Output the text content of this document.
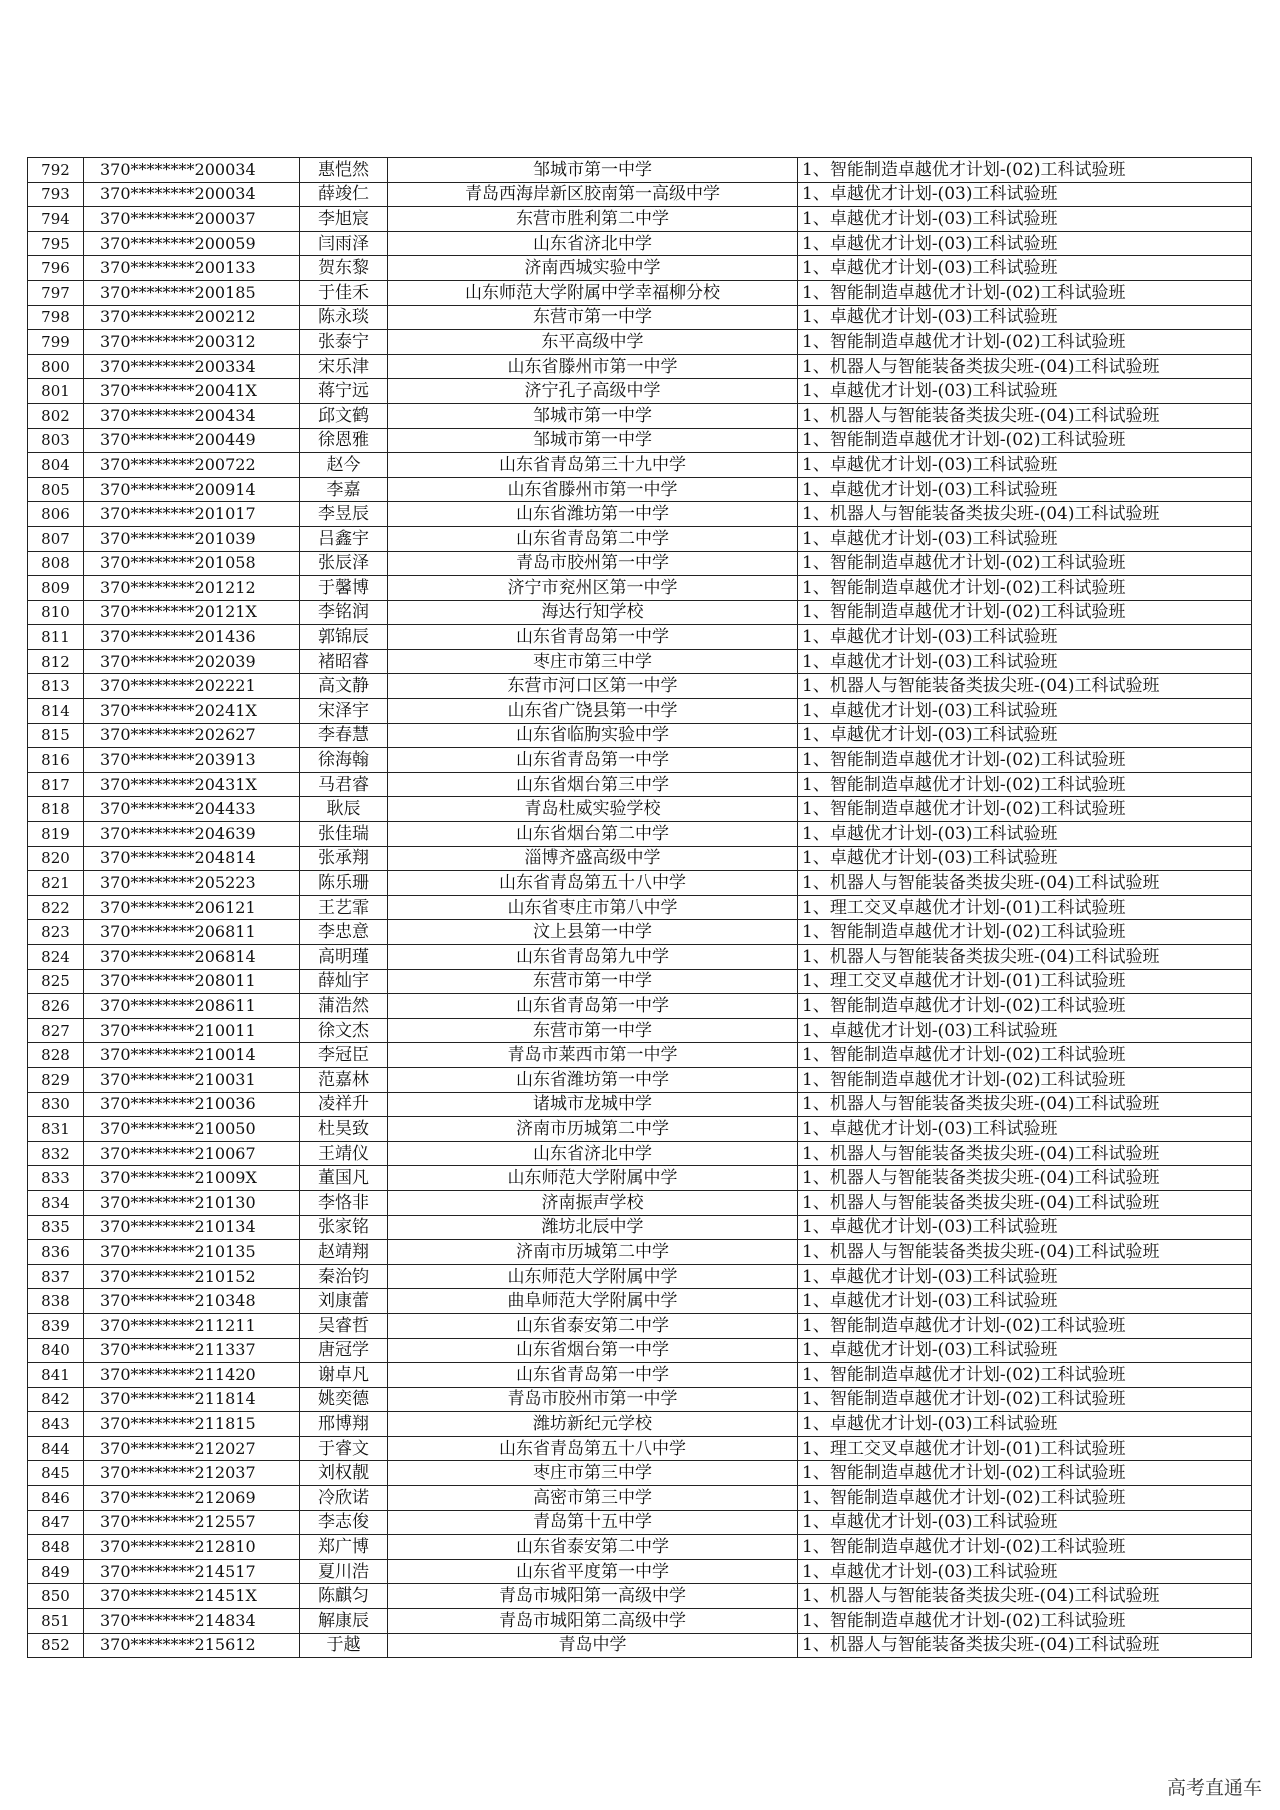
792	370********200034	惠恺然	邹城市第一中学	1、智能制造卓越优才计划-(02)工科试验班
793	370********200034	薛竣仁	青岛西海岸新区胶南第一高级中学	1、卓越优才计划-(03)工科试验班
794	370********200037	李旭宸	东营市胜利第二中学	1、卓越优才计划-(03)工科试验班
795	370********200059	闫雨泽	山东省济北中学	1、卓越优才计划-(03)工科试验班
796	370********200133	贺东黎	济南西城实验中学	1、卓越优才计划-(03)工科试验班
797	370********200185	于佳禾	山东师范大学附属中学幸福柳分校	1、智能制造卓越优才计划-(02)工科试验班
798	370********200212	陈永琰	东营市第一中学	1、卓越优才计划-(03)工科试验班
799	370********200312	张泰宁	东平高级中学	1、智能制造卓越优才计划-(02)工科试验班
800	370********200334	宋乐津	山东省滕州市第一中学	1、机器人与智能装备类拔尖班-(04)工科试验班
801	370********20041X	蒋宁远	济宁孔子高级中学	1、卓越优才计划-(03)工科试验班
802	370********200434	邱文鹤	邹城市第一中学	1、机器人与智能装备类拔尖班-(04)工科试验班
803	370********200449	徐恩雅	邹城市第一中学	1、智能制造卓越优才计划-(02)工科试验班
804	370********200722	赵今	山东省青岛第三十九中学	1、卓越优才计划-(03)工科试验班
805	370********200914	李嘉	山东省滕州市第一中学	1、卓越优才计划-(03)工科试验班
806	370********201017	李昱辰	山东省潍坊第一中学	1、机器人与智能装备类拔尖班-(04)工科试验班
807	370********201039	吕鑫宇	山东省青岛第二中学	1、卓越优才计划-(03)工科试验班
808	370********201058	张辰泽	青岛市胶州第一中学	1、智能制造卓越优才计划-(02)工科试验班
809	370********201212	于馨博	济宁市兖州区第一中学	1、智能制造卓越优才计划-(02)工科试验班
810	370********20121X	李铭润	海达行知学校	1、智能制造卓越优才计划-(02)工科试验班
811	370********201436	郭锦辰	山东省青岛第一中学	1、卓越优才计划-(03)工科试验班
812	370********202039	褚昭睿	枣庄市第三中学	1、卓越优才计划-(03)工科试验班
813	370********202221	高文静	东营市河口区第一中学	1、机器人与智能装备类拔尖班-(04)工科试验班
814	370********20241X	宋泽宇	山东省广饶县第一中学	1、卓越优才计划-(03)工科试验班
815	370********202627	李春慧	山东省临朐实验中学	1、卓越优才计划-(03)工科试验班
816	370********203913	徐海翰	山东省青岛第一中学	1、智能制造卓越优才计划-(02)工科试验班
817	370********20431X	马君睿	山东省烟台第三中学	1、智能制造卓越优才计划-(02)工科试验班
818	370********204433	耿辰	青岛杜威实验学校	1、智能制造卓越优才计划-(02)工科试验班
819	370********204639	张佳瑞	山东省烟台第二中学	1、卓越优才计划-(03)工科试验班
820	370********204814	张承翔	淄博齐盛高级中学	1、卓越优才计划-(03)工科试验班
821	370********205223	陈乐珊	山东省青岛第五十八中学	1、机器人与智能装备类拔尖班-(04)工科试验班
822	370********206121	王艺霏	山东省枣庄市第八中学	1、理工交叉卓越优才计划-(01)工科试验班
823	370********206811	李忠意	汶上县第一中学	1、智能制造卓越优才计划-(02)工科试验班
824	370********206814	高明瑾	山东省青岛第九中学	1、机器人与智能装备类拔尖班-(04)工科试验班
825	370********208011	薛灿宇	东营市第一中学	1、理工交叉卓越优才计划-(01)工科试验班
826	370********208611	蒲浩然	山东省青岛第一中学	1、智能制造卓越优才计划-(02)工科试验班
827	370********210011	徐文杰	东营市第一中学	1、卓越优才计划-(03)工科试验班
828	370********210014	李冠臣	青岛市莱西市第一中学	1、智能制造卓越优才计划-(02)工科试验班
829	370********210031	范嘉林	山东省潍坊第一中学	1、智能制造卓越优才计划-(02)工科试验班
830	370********210036	凌祥升	诸城市龙城中学	1、机器人与智能装备类拔尖班-(04)工科试验班
831	370********210050	杜昊致	济南市历城第二中学	1、卓越优才计划-(03)工科试验班
832	370********210067	王靖仪	山东省济北中学	1、机器人与智能装备类拔尖班-(04)工科试验班
833	370********21009X	董国凡	山东师范大学附属中学	1、机器人与智能装备类拔尖班-(04)工科试验班
834	370********210130	李恪非	济南振声学校	1、机器人与智能装备类拔尖班-(04)工科试验班
835	370********210134	张家铭	潍坊北辰中学	1、卓越优才计划-(03)工科试验班
836	370********210135	赵靖翔	济南市历城第二中学	1、机器人与智能装备类拔尖班-(04)工科试验班
837	370********210152	秦治钧	山东师范大学附属中学	1、卓越优才计划-(03)工科试验班
838	370********210348	刘康蕾	曲阜师范大学附属中学	1、卓越优才计划-(03)工科试验班
839	370********211211	吴睿哲	山东省泰安第二中学	1、智能制造卓越优才计划-(02)工科试验班
840	370********211337	唐冠学	山东省烟台第一中学	1、卓越优才计划-(03)工科试验班
841	370********211420	谢卓凡	山东省青岛第一中学	1、智能制造卓越优才计划-(02)工科试验班
842	370********211814	姚奕德	青岛市胶州市第一中学	1、智能制造卓越优才计划-(02)工科试验班
843	370********211815	邢博翔	潍坊新纪元学校	1、卓越优才计划-(03)工科试验班
844	370********212027	于睿文	山东省青岛第五十八中学	1、理工交叉卓越优才计划-(01)工科试验班
845	370********212037	刘权靓	枣庄市第三中学	1、智能制造卓越优才计划-(02)工科试验班
846	370********212069	冷欣诺	高密市第三中学	1、智能制造卓越优才计划-(02)工科试验班
847	370********212557	李志俊	青岛第十五中学	1、卓越优才计划-(03)工科试验班
848	370********212810	郑广博	山东省泰安第二中学	1、智能制造卓越优才计划-(02)工科试验班
849	370********214517	夏川浩	山东省平度第一中学	1、卓越优才计划-(03)工科试验班
850	370********21451X	陈麒匀	青岛市城阳第一高级中学	1、机器人与智能装备类拔尖班-(04)工科试验班
851	370********214834	解康辰	青岛市城阳第二高级中学	1、智能制造卓越优才计划-(02)工科试验班
852	370********215612	于越	青岛中学	1、机器人与智能装备类拔尖班-(04)工科试验班
高考直通车
